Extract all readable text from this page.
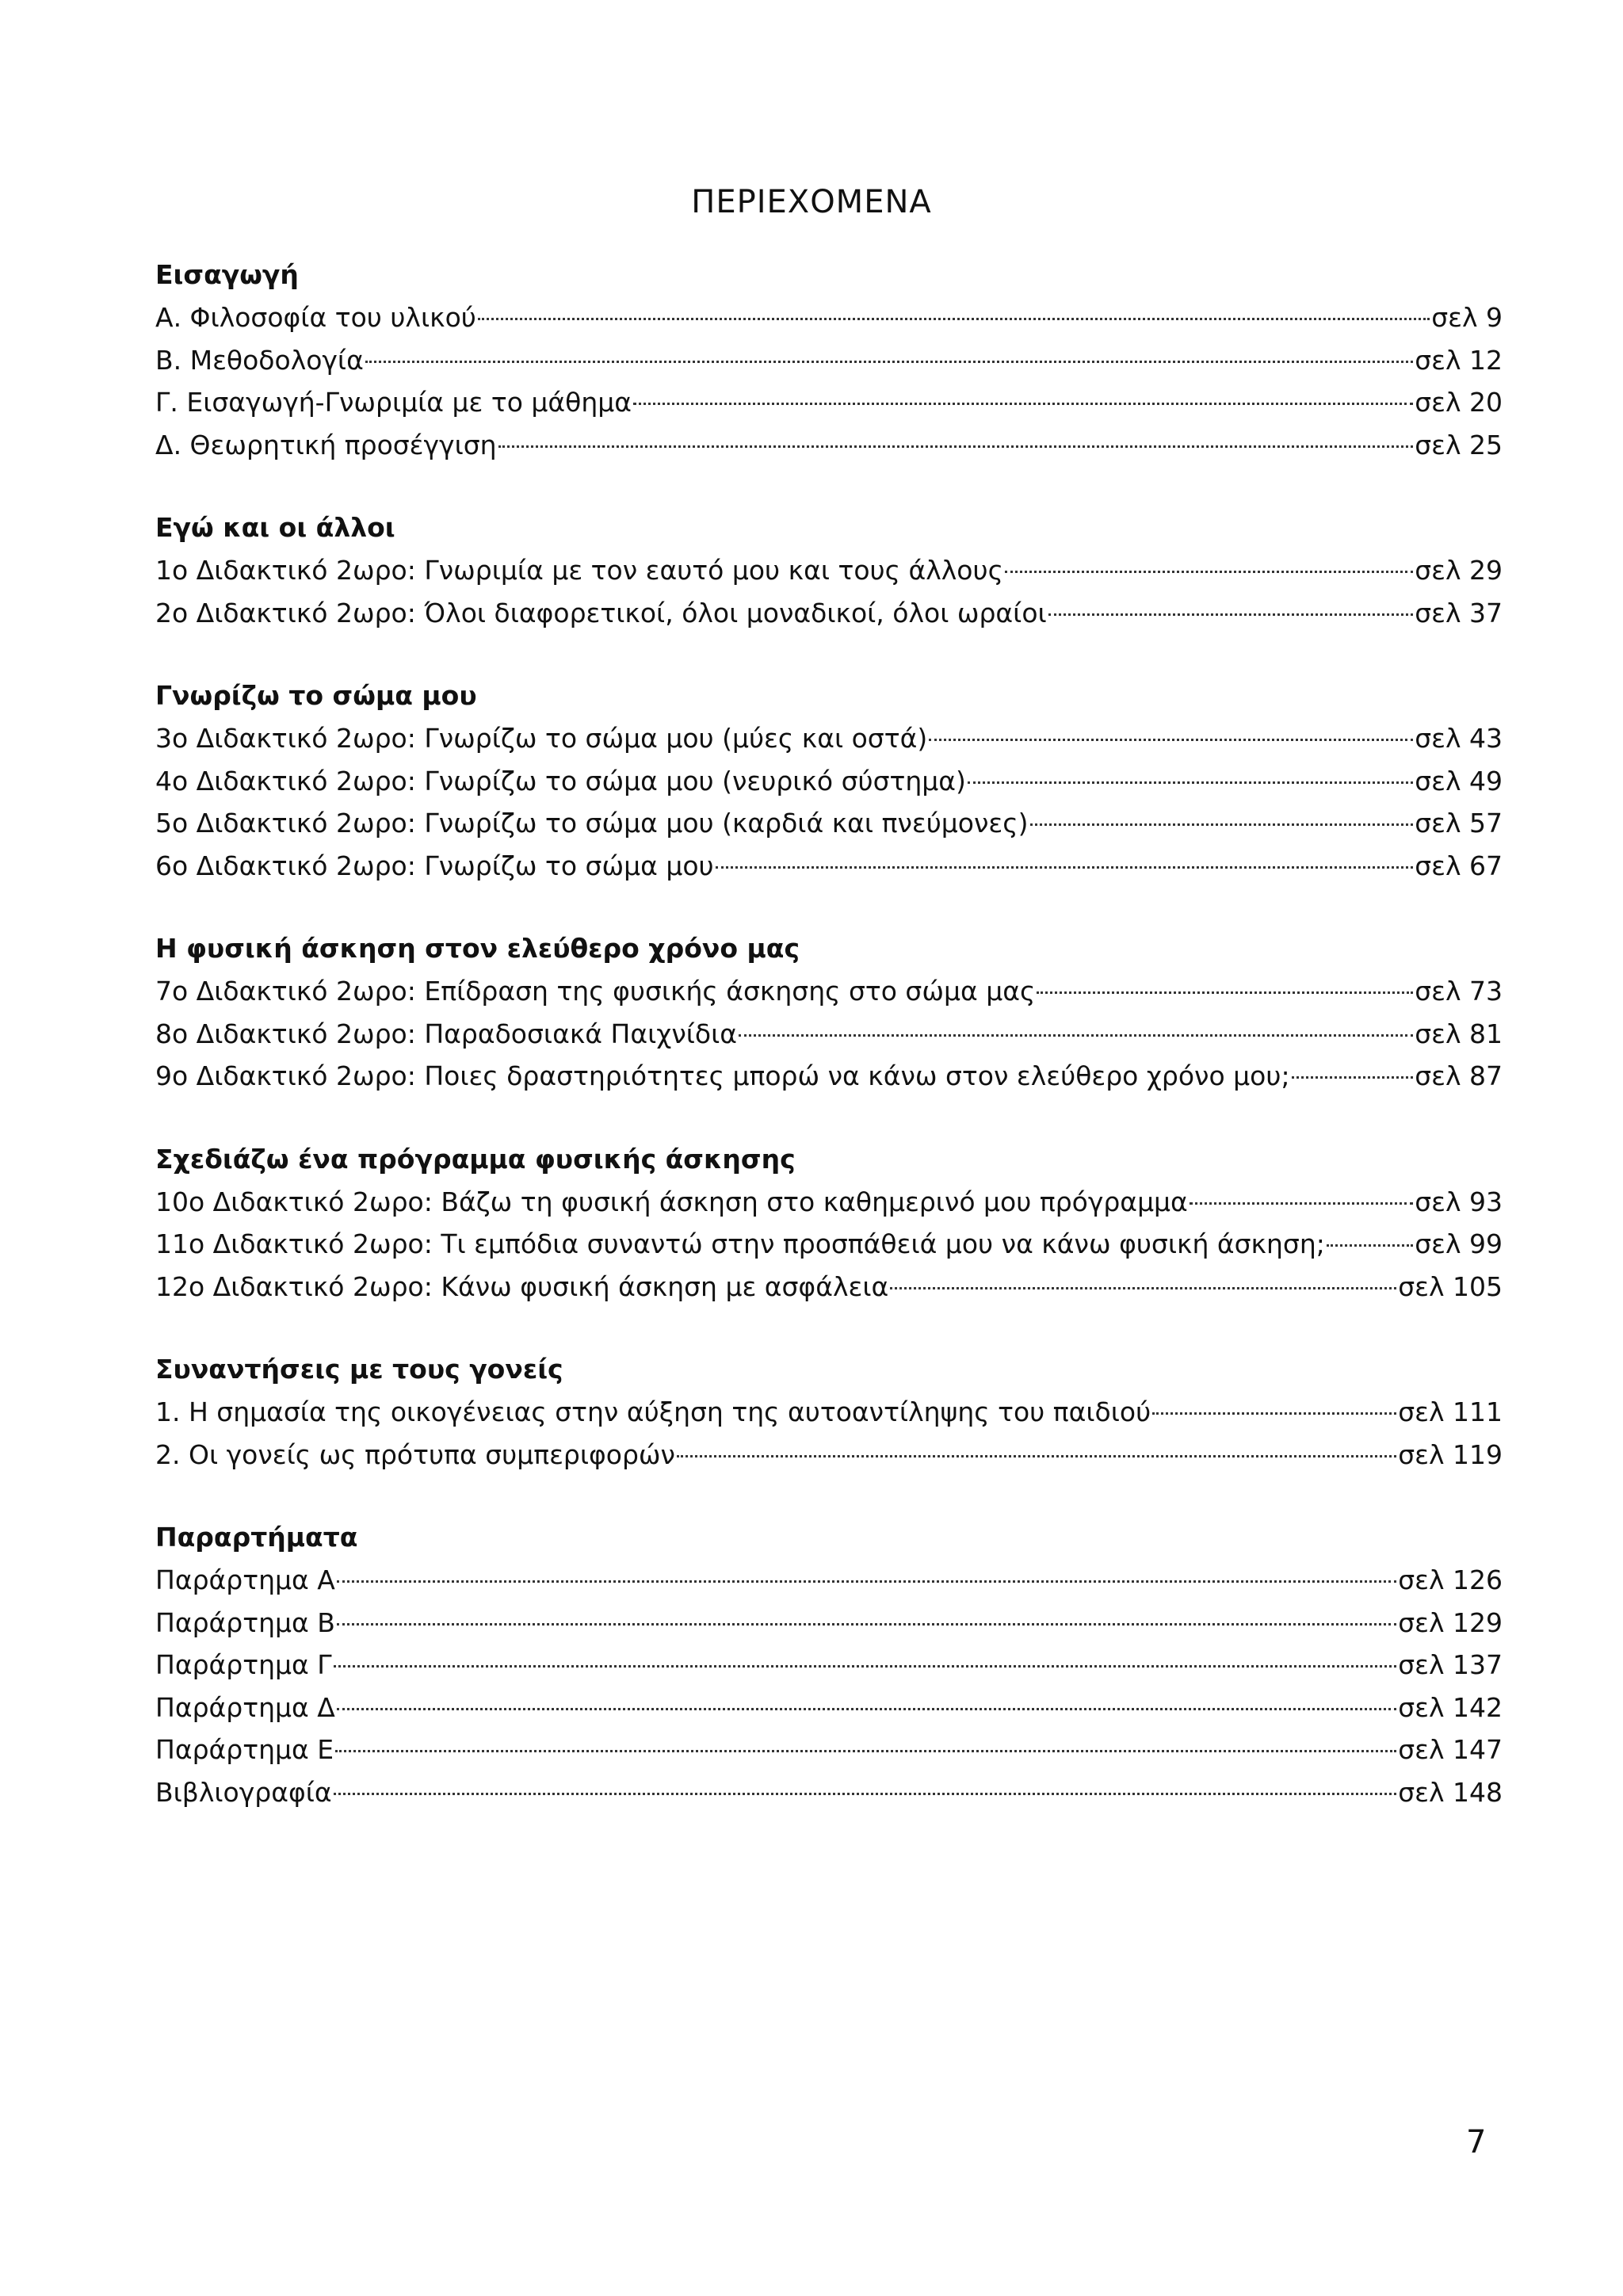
ΠΕΡΙΕΧΟΜΕΝΑ
Εισαγωγή
Α. Φιλοσοφία του υλικού	σελ 9
Β. Μεθοδολογία	σελ 12
Γ. Εισαγωγή-Γνωριμία με το μάθημα	σελ 20
Δ. Θεωρητική προσέγγιση	σελ 25
Εγώ και οι άλλοι
1ο Διδακτικό 2ωρο: Γνωριμία με τον εαυτό μου και τους άλλους	σελ 29
2ο Διδακτικό 2ωρο: Όλοι διαφορετικοί, όλοι μοναδικοί, όλοι ωραίοι	σελ 37
Γνωρίζω το σώμα μου
3ο Διδακτικό 2ωρο: Γνωρίζω το σώμα μου (μύες και οστά)	σελ 43
4ο Διδακτικό 2ωρο: Γνωρίζω το σώμα μου (νευρικό σύστημα)	σελ 49
5ο Διδακτικό 2ωρο: Γνωρίζω το σώμα μου (καρδιά και πνεύμονες)	σελ 57
6ο Διδακτικό 2ωρο: Γνωρίζω το σώμα μου	σελ 67
Η φυσική άσκηση στον ελεύθερο χρόνο μας
7ο Διδακτικό 2ωρο: Επίδραση της φυσικής άσκησης στο σώμα μας	σελ 73
8ο Διδακτικό 2ωρο: Παραδοσιακά Παιχνίδια	σελ 81
9ο Διδακτικό 2ωρο: Ποιες δραστηριότητες μπορώ να κάνω στον ελεύθερο χρόνο μου;	σελ 87
Σχεδιάζω ένα πρόγραμμα φυσικής άσκησης
10ο Διδακτικό 2ωρο: Βάζω τη φυσική άσκηση στο καθημερινό μου πρόγραμμα	σελ 93
11ο Διδακτικό 2ωρο: Τι εμπόδια συναντώ στην προσπάθειά μου να κάνω φυσική άσκηση;	σελ 99
12ο Διδακτικό 2ωρο: Κάνω φυσική άσκηση με ασφάλεια	σελ 105
Συναντήσεις με τους γονείς
1. Η σημασία της οικογένειας στην αύξηση της αυτοαντίληψης του παιδιού	σελ 111
2. Οι γονείς ως πρότυπα συμπεριφορών	σελ 119
Παραρτήματα
Παράρτημα Α	σελ 126
Παράρτημα Β	σελ 129
Παράρτημα Γ	σελ 137
Παράρτημα Δ	σελ 142
Παράρτημα Ε	σελ 147
Βιβλιογραφία	σελ 148
7
